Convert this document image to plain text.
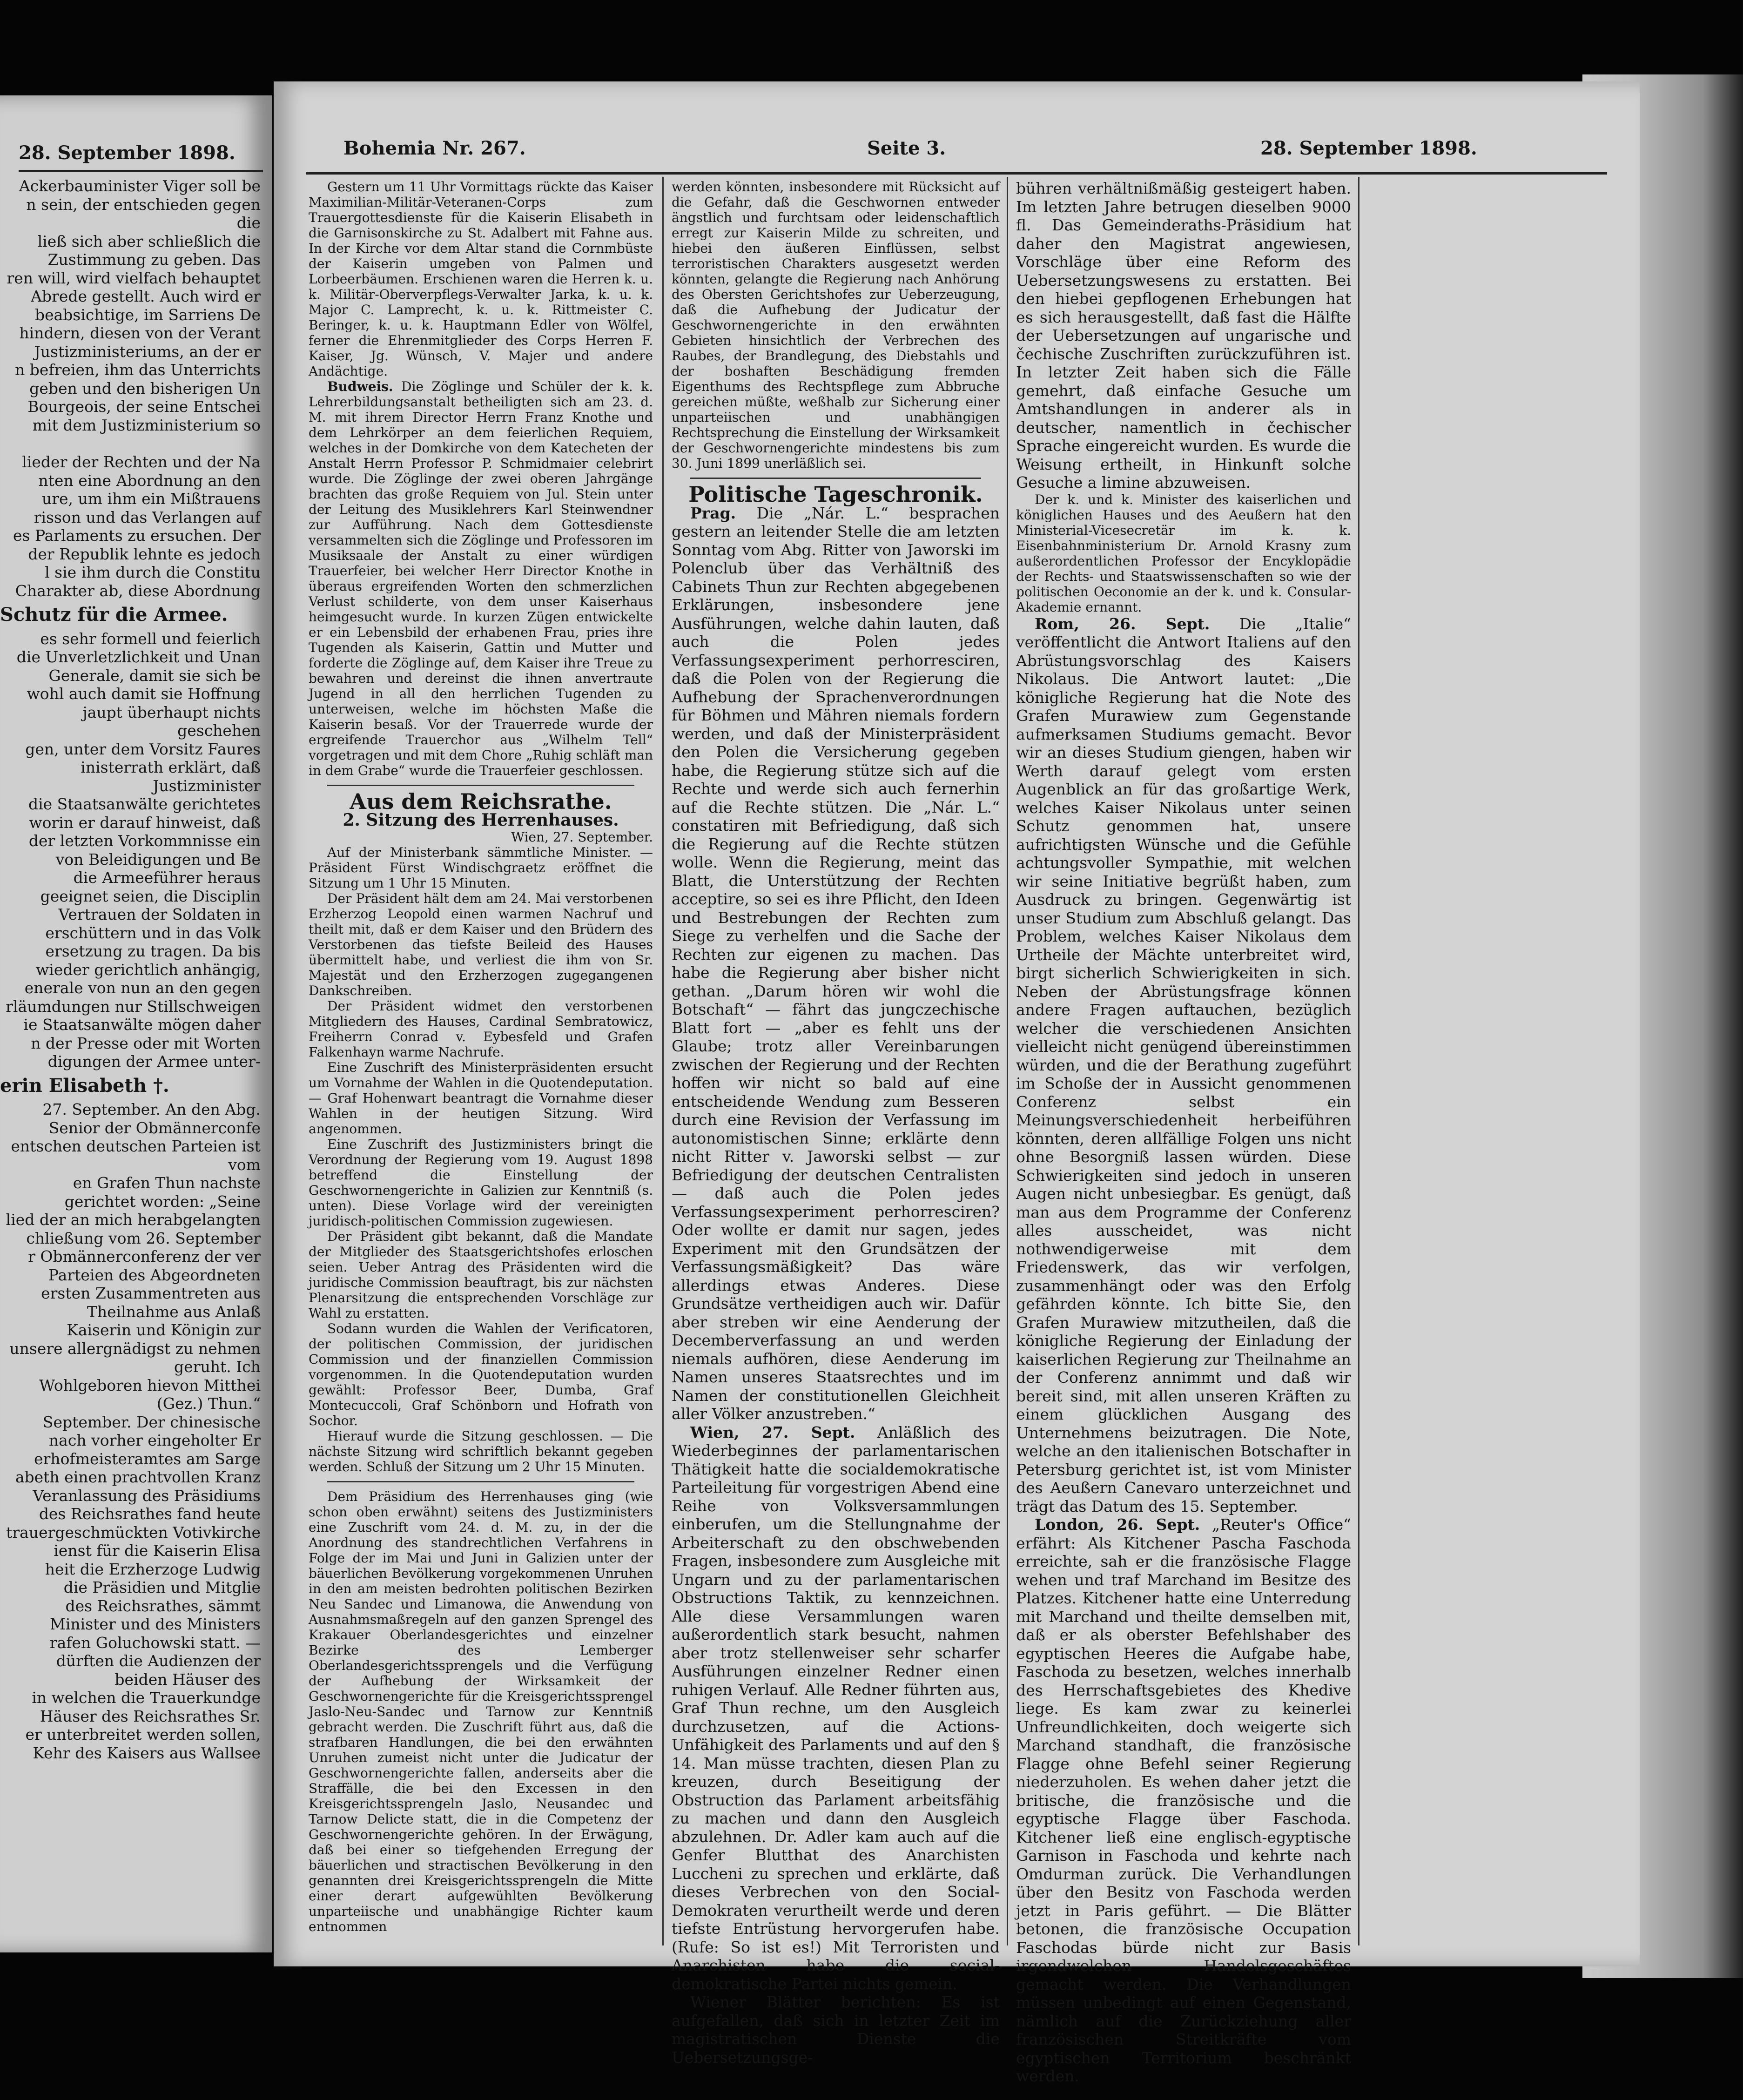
28. September 1898.

Ackerbauminister Viger soll be

n sein, der entschieden gegen die

ließ sich aber schließlich die

Zustimmung zu geben. Das

ren will, wird vielfach behauptet

Abrede gestellt. Auch wird er

beabsichtige, im Sarriens De

hindern, diesen von der Verant

Justizministeriums, an der er

n befreien, ihm das Unterrichts

geben und den bisherigen Un

Bourgeois, der seine Entschei

mit dem Justizministerium so

lieder der Rechten und der Na

nten eine Abordnung an den

ure, um ihm ein Mißtrauens

risson und das Verlangen auf

es Parlaments zu ersuchen. Der

der Republik lehnte es jedoch

l sie ihm durch die Constitu

Charakter ab, diese Abordnung

Schutz für die Armee.

es sehr formell und feierlich

die Unverletzlichkeit und Unan

Generale, damit sie sich be

wohl auch damit sie Hoffnung

jaupt überhaupt nichts geschehen

gen, unter dem Vorsitz Faures

inisterrath erklärt, daß Justizminister

die Staatsanwälte gerichtetes

worin er darauf hinweist, daß

der letzten Vorkommnisse ein

von Beleidigungen und Be

die Armeeführer heraus

geeignet seien, die Disciplin

Vertrauen der Soldaten in

erschüttern und in das Volk

ersetzung zu tragen. Da bis

wieder gerichtlich anhängig,

enerale von nun an den gegen

rläumdungen nur Stillschweigen

ie Staatsanwälte mögen daher

n der Presse oder mit Worten

digungen der Armee unter-

erin Elisabeth †.

27. September. An den Abg.

Senior der Obmännerconfe

entschen deutschen Parteien ist vom

en Grafen Thun nachste

gerichtet worden: „Seine

lied der an mich herabgelangten

chließung vom 26. September

r Obmännerconferenz der ver

Parteien des Abgeordneten

ersten Zusammentreten aus

Theilnahme aus Anlaß

Kaiserin und Königin zur

unsere allergnädigst zu nehmen geruht. Ich

Wohlgeboren hievon Mitthei

(Gez.) Thun.“

September. Der chinesische

nach vorher eingeholter Er

erhofmeisteramtes am Sarge

abeth einen prachtvollen Kranz

Veranlassung des Präsidiums

des Reichsrathes fand heute

trauergeschmückten Votivkirche

ienst für die Kaiserin Elisa

heit die Erzherzoge Ludwig

die Präsidien und Mitglie

des Reichsrathes, sämmt

Minister und des Ministers

rafen Goluchowski statt. —

dürften die Audienzen der

beiden Häuser des

in welchen die Trauerkundge

Häuser des Reichsrathes Sr.

er unterbreitet werden sollen,

Kehr des Kaisers aus Wallsee

Bohemia Nr. 267.	Seite 3.	28. September 1898.

Gestern um 11 Uhr Vormittags rückte das Kaiser Maximilian-Militär-Veteranen-Corps zum Trauergottesdienste für die Kaiserin Elisabeth in die Garnisonskirche zu St. Adalbert mit Fahne aus. In der Kirche vor dem Altar stand die Cornmbüste der Kaiserin umgeben von Palmen und Lorbeerbäumen. Erschienen waren die Herren k. u. k. Militär-Oberverpflegs-Verwalter Jarka, k. u. k. Major C. Lamprecht, k. u. k. Rittmeister C. Beringer, k. u. k. Hauptmann Edler von Wölfel, ferner die Ehrenmitglieder des Corps Herren F. Kaiser, Jg. Wünsch, V. Majer und andere Andächtige.

Budweis. Die Zöglinge und Schüler der k. k. Lehrerbildungsanstalt betheiligten sich am 23. d. M. mit ihrem Director Herrn Franz Knothe und dem Lehrkörper an dem feierlichen Requiem, welches in der Domkirche von dem Katecheten der Anstalt Herrn Professor P. Schmidmaier celebrirt wurde. Die Zöglinge der zwei oberen Jahrgänge brachten das große Requiem von Jul. Stein unter der Leitung des Musiklehrers Karl Steinwendner zur Aufführung. Nach dem Gottesdienste versammelten sich die Zöglinge und Professoren im Musiksaale der Anstalt zu einer würdigen Trauerfeier, bei welcher Herr Director Knothe in überaus ergreifenden Worten den schmerzlichen Verlust schilderte, von dem unser Kaiserhaus heimgesucht wurde. In kurzen Zügen entwickelte er ein Lebensbild der erhabenen Frau, pries ihre Tugenden als Kaiserin, Gattin und Mutter und forderte die Zöglinge auf, dem Kaiser ihre Treue zu bewahren und dereinst die ihnen anvertraute Jugend in all den herrlichen Tugenden zu unterweisen, welche im höchsten Maße die Kaiserin besaß. Vor der Trauerrede wurde der ergreifende Trauerchor aus „Wilhelm Tell“ vorgetragen und mit dem Chore „Ruhig schläft man in dem Grabe“ wurde die Trauerfeier geschlossen.

Aus dem Reichsrathe.

2. Sitzung des Herrenhauses.

Wien, 27. September.

Auf der Ministerbank sämmtliche Minister. — Präsident Fürst Windischgraetz eröffnet die Sitzung um 1 Uhr 15 Minuten.

Der Präsident hält dem am 24. Mai verstorbenen Erzherzog Leopold einen warmen Nachruf und theilt mit, daß er dem Kaiser und den Brüdern des Verstorbenen das tiefste Beileid des Hauses übermittelt habe, und verliest die ihm von Sr. Majestät und den Erzherzogen zugegangenen Dankschreiben.

Der Präsident widmet den verstorbenen Mitgliedern des Hauses, Cardinal Sembratowicz, Freiherrn Conrad v. Eybesfeld und Grafen Falkenhayn warme Nachrufe.

Eine Zuschrift des Ministerpräsidenten ersucht um Vornahme der Wahlen in die Quotendeputation. — Graf Hohenwart beantragt die Vornahme dieser Wahlen in der heutigen Sitzung. Wird angenommen.

Eine Zuschrift des Justizministers bringt die Verordnung der Regierung vom 19. August 1898 betreffend die Einstellung der Geschwornengerichte in Galizien zur Kenntniß (s. unten). Diese Vorlage wird der vereinigten juridisch-politischen Commission zugewiesen.

Der Präsident gibt bekannt, daß die Mandate der Mitglieder des Staatsgerichtshofes erloschen seien. Ueber Antrag des Präsidenten wird die juridische Commission beauftragt, bis zur nächsten Plenarsitzung die entsprechenden Vorschläge zur Wahl zu erstatten.

Sodann wurden die Wahlen der Verificatoren, der politischen Commission, der juridischen Commission und der finanziellen Commission vorgenommen. In die Quotendeputation wurden gewählt: Professor Beer, Dumba, Graf Montecuccoli, Graf Schönborn und Hofrath von Sochor.

Hierauf wurde die Sitzung geschlossen. — Die nächste Sitzung wird schriftlich bekannt gegeben werden. Schluß der Sitzung um 2 Uhr 15 Minuten.

Dem Präsidium des Herrenhauses ging (wie schon oben erwähnt) seitens des Justizministers eine Zuschrift vom 24. d. M. zu, in der die Anordnung des standrechtlichen Verfahrens in Folge der im Mai und Juni in Galizien unter der bäuerlichen Bevölkerung vorgekommenen Unruhen in den am meisten bedrohten politischen Bezirken Neu Sandec und Limanowa, die Anwendung von Ausnahmsmaßregeln auf den ganzen Sprengel des Krakauer Oberlandesgerichtes und einzelner Bezirke des Lemberger Oberlandesgerichtssprengels und die Verfügung der Aufhebung der Wirksamkeit der Geschwornengerichte für die Kreisgerichtssprengel Jaslo-Neu-Sandec und Tarnow zur Kenntniß gebracht werden. Die Zuschrift führt aus, daß die strafbaren Handlungen, die bei den erwähnten Unruhen zumeist nicht unter die Judicatur der Geschwornengerichte fallen, anderseits aber die Straffälle, die bei den Excessen in den Kreisgerichtssprengeln Jaslo, Neusandec und Tarnow Delicte statt, die in die Competenz der Geschwornengerichte gehören. In der Erwägung, daß bei einer so tiefgehenden Erregung der bäuerlichen und stractischen Bevölkerung in den genannten drei Kreisgerichtssprengeln die Mitte einer derart aufgewühlten Bevölkerung unparteiische und unabhängige Richter kaum entnommen

werden könnten, insbesondere mit Rücksicht auf die Gefahr, daß die Geschwornen entweder ängstlich und furchtsam oder leidenschaftlich erregt zur Kaiserin Milde zu schreiten, und hiebei den äußeren Einflüssen, selbst terroristischen Charakters ausgesetzt werden könnten, gelangte die Regierung nach Anhörung des Obersten Gerichtshofes zur Ueberzeugung, daß die Aufhebung der Judicatur der Geschwornengerichte in den erwähnten Gebieten hinsichtlich der Verbrechen des Raubes, der Brandlegung, des Diebstahls und der boshaften Beschädigung fremden Eigenthums des Rechtspflege zum Abbruche gereichen müßte, weßhalb zur Sicherung einer unparteiischen und unabhängigen Rechtsprechung die Einstellung der Wirksamkeit der Geschwornengerichte mindestens bis zum 30. Juni 1899 unerläßlich sei.

Politische Tageschronik.

Prag. Die „Nár. L.“ besprachen gestern an leitender Stelle die am letzten Sonntag vom Abg. Ritter von Jaworski im Polenclub über das Verhältniß des Cabinets Thun zur Rechten abgegebenen Erklärungen, insbesondere jene Ausführungen, welche dahin lauten, daß auch die Polen jedes Verfassungsexperiment perhorresciren, daß die Polen von der Regierung die Aufhebung der Sprachenverordnungen für Böhmen und Mähren niemals fordern werden, und daß der Ministerpräsident den Polen die Versicherung gegeben habe, die Regierung stütze sich auf die Rechte und werde sich auch fernerhin auf die Rechte stützen. Die „Nár. L.“ constatiren mit Befriedigung, daß sich die Regierung auf die Rechte stützen wolle. Wenn die Regierung, meint das Blatt, die Unterstützung der Rechten acceptire, so sei es ihre Pflicht, den Ideen und Bestrebungen der Rechten zum Siege zu verhelfen und die Sache der Rechten zur eigenen zu machen. Das habe die Regierung aber bisher nicht gethan. „Darum hören wir wohl die Botschaft“ — fährt das jungczechische Blatt fort — „aber es fehlt uns der Glaube; trotz aller Vereinbarungen zwischen der Regierung und der Rechten hoffen wir nicht so bald auf eine entscheidende Wendung zum Besseren durch eine Revision der Verfassung im autonomistischen Sinne; erklärte denn nicht Ritter v. Jaworski selbst — zur Befriedigung der deutschen Centralisten — daß auch die Polen jedes Verfassungsexperiment perhorresciren? Oder wollte er damit nur sagen, jedes Experiment mit den Grundsätzen der Verfassungsmäßigkeit? Das wäre allerdings etwas Anderes. Diese Grundsätze vertheidigen auch wir. Dafür aber streben wir eine Aenderung der Decemberverfassung an und werden niemals aufhören, diese Aenderung im Namen unseres Staatsrechtes und im Namen der constitutionellen Gleichheit aller Völker anzustreben.“

Wien, 27. Sept. Anläßlich des Wiederbeginnes der parlamentarischen Thätigkeit hatte die socialdemokratische Parteileitung für vorgestrigen Abend eine Reihe von Volksversammlungen einberufen, um die Stellungnahme der Arbeiterschaft zu den obschwebenden Fragen, insbesondere zum Ausgleiche mit Ungarn und zu der parlamentarischen Obstructions Taktik, zu kennzeichnen. Alle diese Versammlungen waren außerordentlich stark besucht, nahmen aber trotz stellenweiser sehr scharfer Ausführungen einzelner Redner einen ruhigen Verlauf. Alle Redner führten aus, Graf Thun rechne, um den Ausgleich durchzusetzen, auf die Actions-Unfähigkeit des Parlaments und auf den § 14. Man müsse trachten, diesen Plan zu kreuzen, durch Beseitigung der Obstruction das Parlament arbeitsfähig zu machen und dann den Ausgleich abzulehnen. Dr. Adler kam auch auf die Genfer Blutthat des Anarchisten Luccheni zu sprechen und erklärte, daß dieses Verbrechen von den Social-Demokraten verurtheilt werde und deren tiefste Entrüstung hervorgerufen habe. (Rufe: So ist es!) Mit Terroristen und Anarchisten habe die social-demokratische Partei nichts gemein.

Wiener Blätter berichten: Es ist aufgefallen, daß sich in letzter Zeit im magistratischen Dienste die Uebersetzungsge-

bühren verhältnißmäßig gesteigert haben. Im letzten Jahre betrugen dieselben 9000 fl. Das Gemeinderaths-Präsidium hat daher den Magistrat angewiesen, Vorschläge über eine Reform des Uebersetzungswesens zu erstatten. Bei den hiebei gepflogenen Erhebungen hat es sich herausgestellt, daß fast die Hälfte der Uebersetzungen auf ungarische und čechische Zuschriften zurückzuführen ist. In letzter Zeit haben sich die Fälle gemehrt, daß einfache Gesuche um Amtshandlungen in anderer als in deutscher, namentlich in čechischer Sprache eingereicht wurden. Es wurde die Weisung ertheilt, in Hinkunft solche Gesuche a limine abzuweisen.

Der k. und k. Minister des kaiserlichen und königlichen Hauses und des Aeußern hat den Ministerial-Vicesecretär im k. k. Eisenbahnministerium Dr. Arnold Krasny zum außerordentlichen Professor der Encyklopädie der Rechts- und Staatswissenschaften so wie der politischen Oeconomie an der k. und k. Consular-Akademie ernannt.

Rom, 26. Sept. Die „Italie“ veröffentlicht die Antwort Italiens auf den Abrüstungsvorschlag des Kaisers Nikolaus. Die Antwort lautet: „Die königliche Regierung hat die Note des Grafen Murawiew zum Gegenstande aufmerksamen Studiums gemacht. Bevor wir an dieses Studium giengen, haben wir Werth darauf gelegt vom ersten Augenblick an für das großartige Werk, welches Kaiser Nikolaus unter seinen Schutz genommen hat, unsere aufrichtigsten Wünsche und die Gefühle achtungsvoller Sympathie, mit welchen wir seine Initiative begrüßt haben, zum Ausdruck zu bringen. Gegenwärtig ist unser Studium zum Abschluß gelangt. Das Problem, welches Kaiser Nikolaus dem Urtheile der Mächte unterbreitet wird, birgt sicherlich Schwierigkeiten in sich. Neben der Abrüstungsfrage können andere Fragen auftauchen, bezüglich welcher die verschiedenen Ansichten vielleicht nicht genügend übereinstimmen würden, und die der Berathung zugeführt im Schoße der in Aussicht genommenen Conferenz selbst ein Meinungsverschiedenheit herbeiführen könnten, deren allfällige Folgen uns nicht ohne Besorgniß lassen würden. Diese Schwierigkeiten sind jedoch in unseren Augen nicht unbesiegbar. Es genügt, daß man aus dem Programme der Conferenz alles ausscheidet, was nicht nothwendigerweise mit dem Friedenswerk, das wir verfolgen, zusammenhängt oder was den Erfolg gefährden könnte. Ich bitte Sie, den Grafen Murawiew mitzutheilen, daß die königliche Regierung der Einladung der kaiserlichen Regierung zur Theilnahme an der Conferenz annimmt und daß wir bereit sind, mit allen unseren Kräften zu einem glücklichen Ausgang des Unternehmens beizutragen. Die Note, welche an den italienischen Botschafter in Petersburg gerichtet ist, ist vom Minister des Aeußern Canevaro unterzeichnet und trägt das Datum des 15. September.

London, 26. Sept. „Reuter's Office“ erfährt: Als Kitchener Pascha Faschoda erreichte, sah er die französische Flagge wehen und traf Marchand im Besitze des Platzes. Kitchener hatte eine Unterredung mit Marchand und theilte demselben mit, daß er als oberster Befehlshaber des egyptischen Heeres die Aufgabe habe, Faschoda zu besetzen, welches innerhalb des Herrschaftsgebietes des Khedive liege. Es kam zwar zu keinerlei Unfreundlichkeiten, doch weigerte sich Marchand standhaft, die französische Flagge ohne Befehl seiner Regierung niederzuholen. Es wehen daher jetzt die britische, die französische und die egyptische Flagge über Faschoda. Kitchener ließ eine englisch-egyptische Garnison in Faschoda und kehrte nach Omdurman zurück. Die Verhandlungen über den Besitz von Faschoda werden jetzt in Paris geführt. — Die Blätter betonen, die französische Occupation Faschodas bürde nicht zur Basis irgendwelchen Handelsgeschäftes gemacht werden. Die Verhandlungen müssen unbedingt auf einen Gegenstand, nämlich auf die Zurückziehung aller französischen Streitkräfte vom egyptischen Territorium beschränkt werden.
